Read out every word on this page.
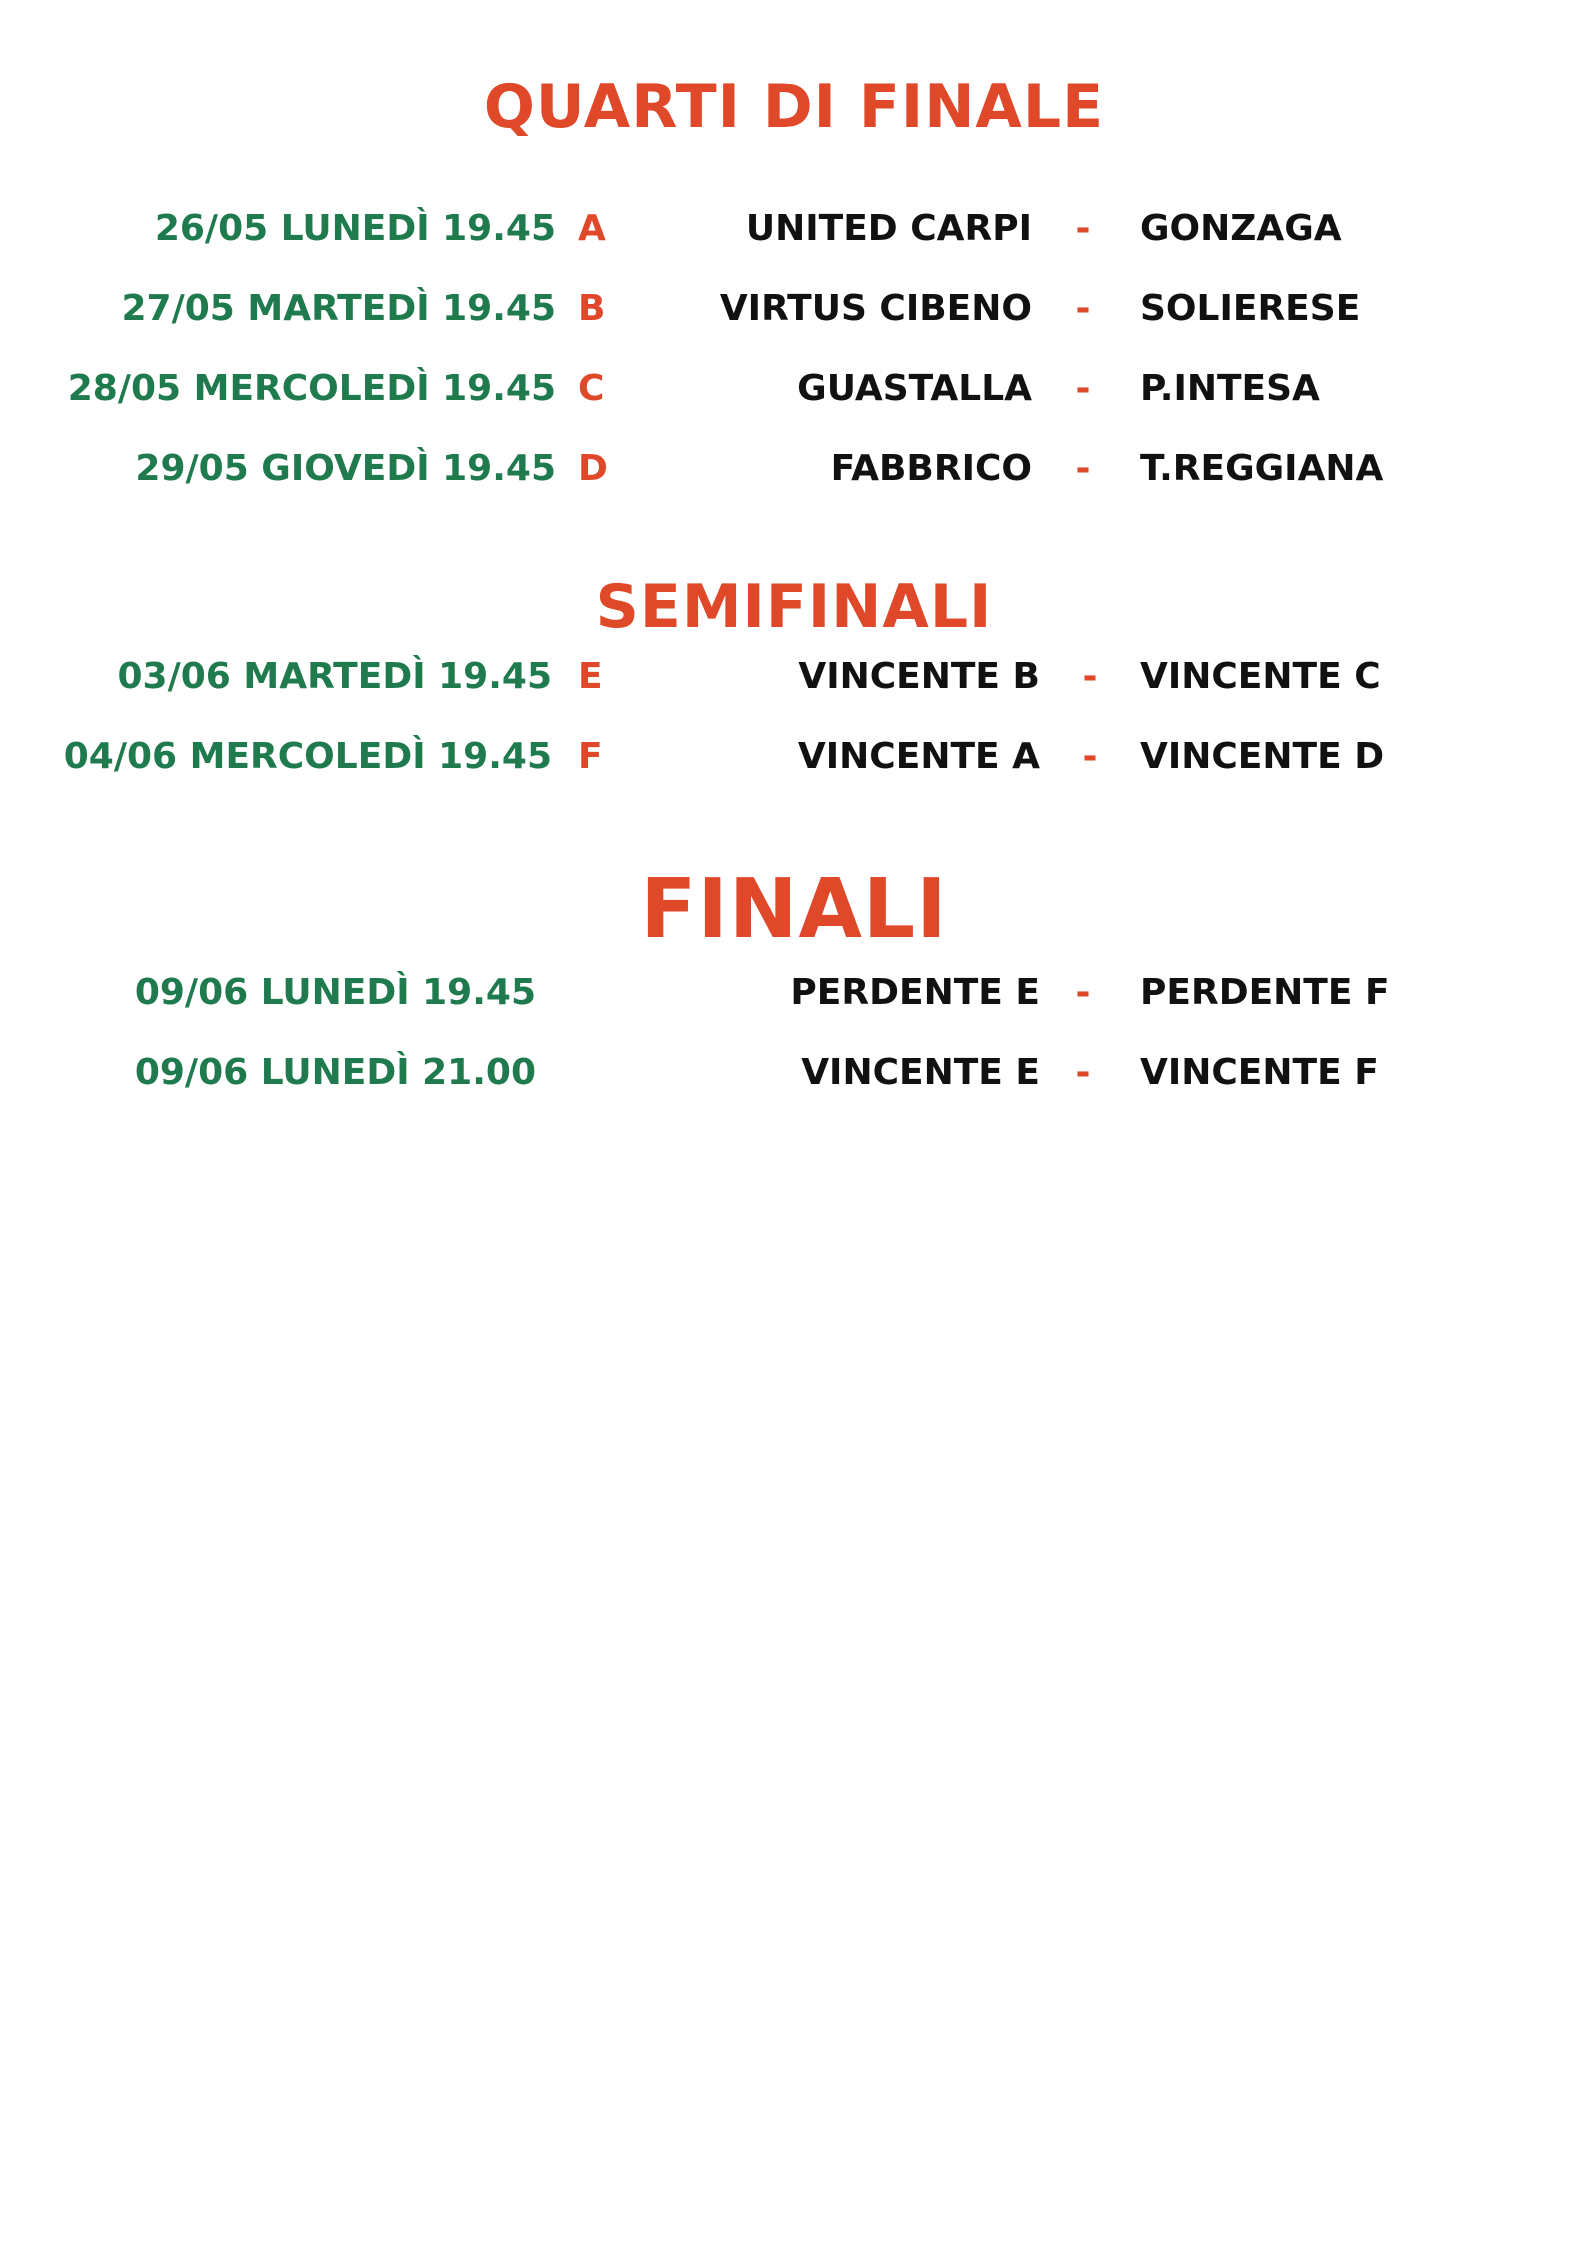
QUARTI DI FINALE
26/05 LUNEDÌ 19.45 A	UNITED CARPI	-	GONZAGA
27/05 MARTEDÌ 19.45 B	VIRTUS CIBENO	-	SOLIERESE
28/05 MERCOLEDÌ 19.45 C	GUASTALLA	-	P.INTESA
29/05 GIOVEDÌ 19.45 D	FABBRICO	-	T.REGGIANA
SEMIFINALI
03/06 MARTEDÌ 19.45 E	VINCENTE B	-	VINCENTE C
04/06 MERCOLEDÌ 19.45 F	VINCENTE A	-	VINCENTE D
FINALI
09/06 LUNEDÌ 19.45	PERDENTE E -	PERDENTE F
09/06 LUNEDÌ 21.00	VINCENTE E -	VINCENTE F
